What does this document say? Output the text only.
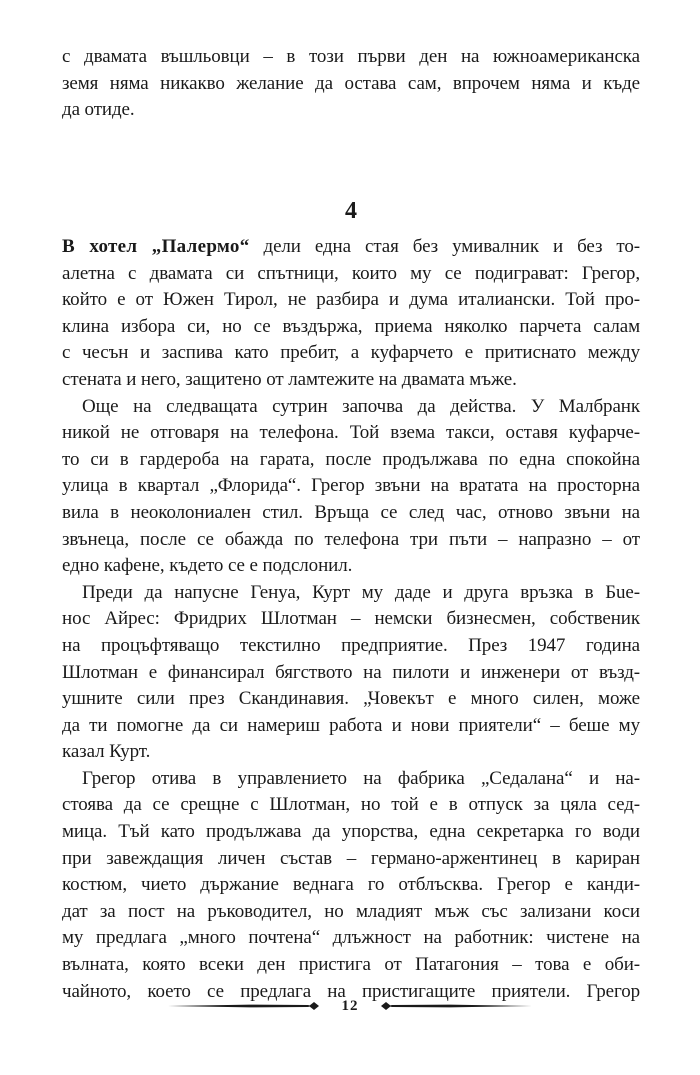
с двамата въшльовци – в този първи ден на южноамериканска
земя няма никакво желание да остава сам, впрочем няма и къде
да отиде.
4
В хотел „Палермо“ дели една стая без умивалник и без то-
алетна с двамата си спътници, които му се подиграват: Грегор,
който е от Южен Тирол, не разбира и дума италиански. Той про-
клина избора си, но се въздържа, приема няколко парчета салам
с чесън и заспива като пребит, а куфарчето е притиснато между
стената и него, защитено от ламтежите на двамата мъже.
Още на следващата сутрин започва да действа. У Малбранк
никой не отговаря на телефона. Той взема такси, оставя куфарче-
то си в гардероба на гарата, после продължава по една спокойна
улица в квартал „Флорида“. Грегор звъни на вратата на просторна
вила в неоколониален стил. Връща се след час, отново звъни на
звънеца, после се обажда по телефона три пъти – напразно – от
едно кафене, където се е подслонил.
Преди да напусне Генуа, Курт му даде и друга връзка в Бue-
нос Айрес: Фридрих Шлотман – немски бизнесмен, собственик
на процъфтяващо текстилно предприятие. През 1947 година
Шлотман е финансирал бягството на пилоти и инженери от възд-
ушните сили през Скандинавия. „Човекът е много силен, може
да ти помогне да си намериш работа и нови приятели“ – беше му
казал Курт.
Грегор отива в управлението на фабрика „Седалана“ и на-
стоява да се срещне с Шлотман, но той е в отпуск за цяла сед-
мица. Тъй като продължава да упорства, една секретарка го води
при завеждащия личен състав – германо-аржентинец в кариран
костюм, чието държание веднага го отблъсква. Грегор е канди-
дат за пост на ръководител, но младият мъж със зализани коси
му предлага „много почтена“ длъжност на работник: чистене на
вълната, която всеки ден пристига от Патагония – това е оби-
чайното, което се предлага на пристигащите приятели. Грегор
12
